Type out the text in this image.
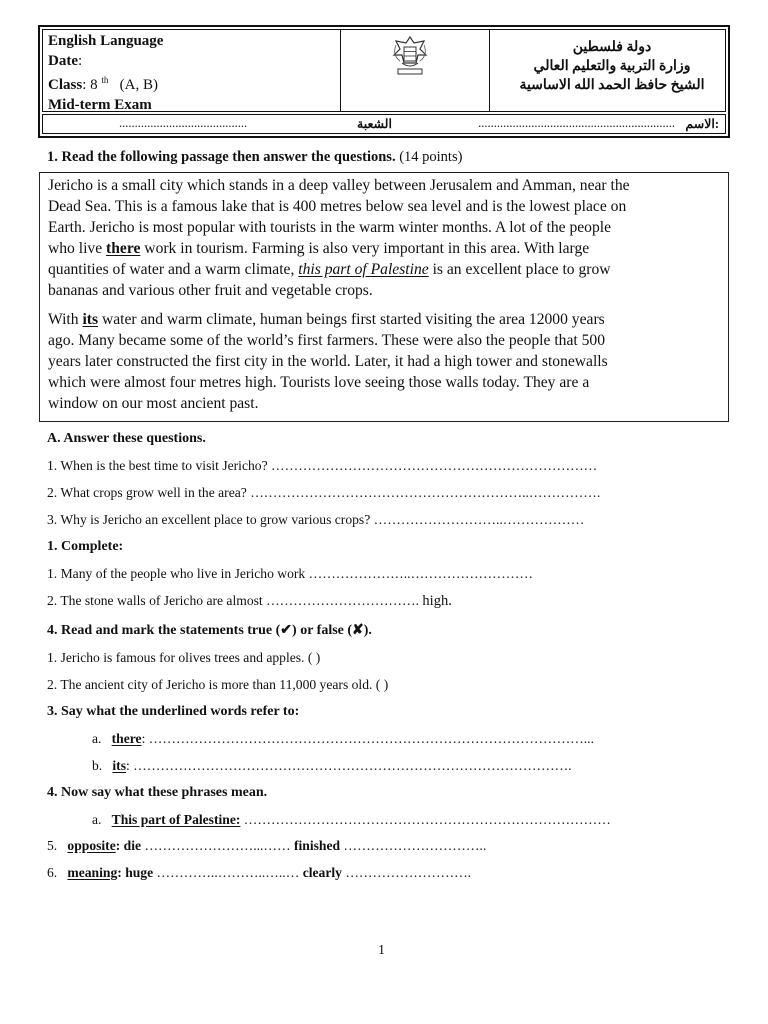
English Language
Date:
Class: 8 $^{th}$ (A, B)
Mid-term Exam
دولة فلسطين
وزارة التربية والتعليم العالي
الشيخ حافظ الحمد الله الاساسية
الاسم:
...............................................................
الشعبة
.........................................
1. Read the following passage then answer the questions. (14 points)
Jericho is a small city which stands in a deep valley between Jerusalem and Amman, near the
Dead Sea. This is a famous lake that is 400 metres below sea level and is the lowest place on
Earth. Jericho is most popular with tourists in the warm winter months. A lot of the people
who live there work in tourism. Farming is also very important in this area. With large
quantities of water and a warm climate, this part of Palestine is an excellent place to grow
bananas and various other fruit and vegetable crops.
With its water and warm climate, human beings first started visiting the area 12000 years
ago. Many became some of the world’s first farmers. These were also the people that 500
years later constructed the first city in the world. Later, it had a high tower and stonewalls
which were almost four metres high. Tourists love seeing those walls today. They are a
window on our most ancient past.
A. Answer these questions.
1. When is the best time to visit Jericho? ………………………………………………………………
2. What crops grow well in the area? ……………………………………………………..…………….
3. Why is Jericho an excellent place to grow various crops? ………………………..………………
1. Complete:
1. Many of the people who live in Jericho work …………………..………………………
2. The stone walls of Jericho are almost ……………………………. high.
4. Read and mark the statements true (✔) or false (✘).
1. Jericho is famous for olives trees and apples. ( )
2. The ancient city of Jericho is more than 11,000 years old. ( )
3. Say what the underlined words refer to:
a. there: ……………………………………………………………………………………...
b. its: …………………………………………………………………………………….
4. Now say what these phrases mean.
a. This part of Palestine: ………………………………………………………………………
5. opposite: die ……………………...…… finished …………………………..
6. meaning: huge …………..………..…..… clearly ……………………….
1
